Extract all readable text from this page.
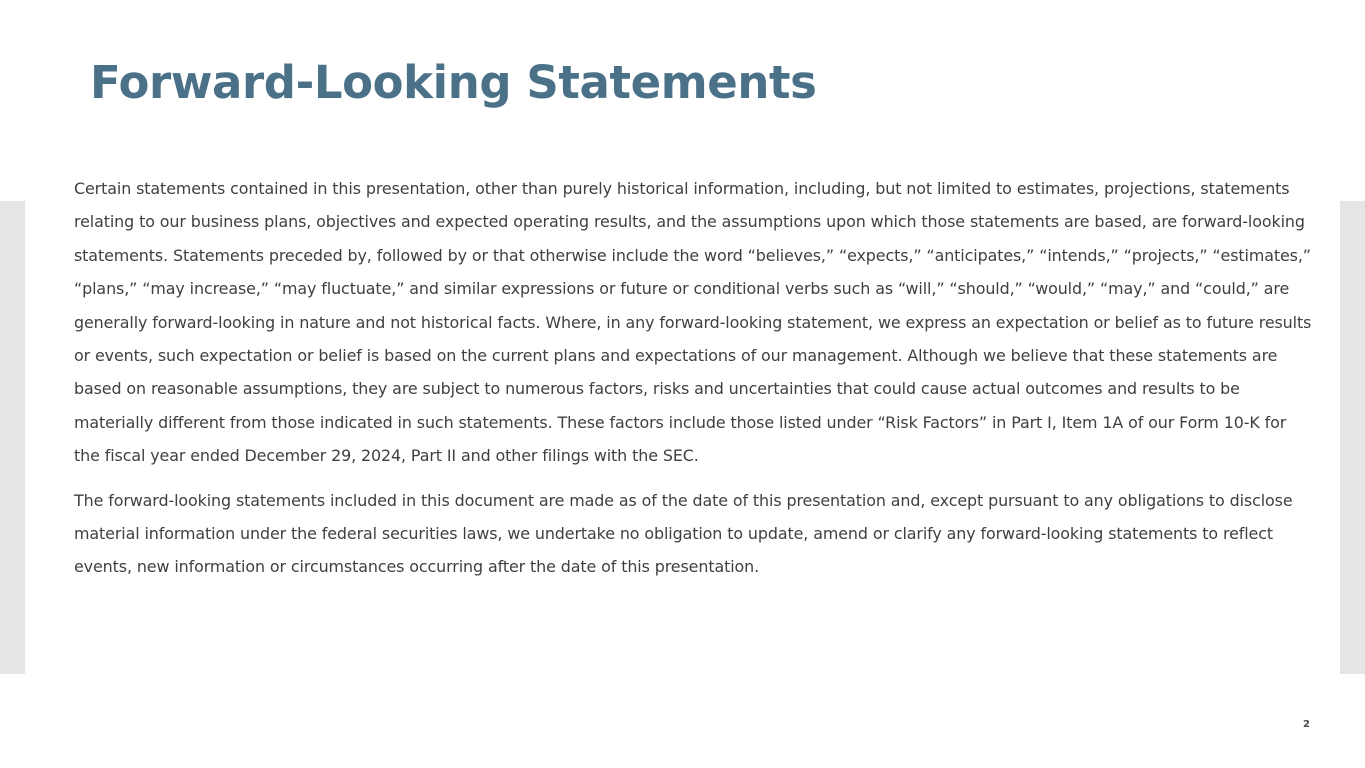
Forward-Looking Statements

Certain statements contained in this presentation, other than purely historical information, including, but not limited to estimates, projections, statements relating to our business plans, objectives and expected operating results, and the assumptions upon which those statements are based, are forward-looking statements. Statements preceded by, followed by or that otherwise include the word “believes,” “expects,” “anticipates,” “intends,” “projects,” “estimates,” “plans,” “may increase,” “may fluctuate,” and similar expressions or future or conditional verbs such as “will,” “should,” “would,” “may,” and “could,” are generally forward-looking in nature and not historical facts. Where, in any forward-looking statement, we express an expectation or belief as to future results or events, such expectation or belief is based on the current plans and expectations of our management. Although we believe that these statements are based on reasonable assumptions, they are subject to numerous factors, risks and uncertainties that could cause actual outcomes and results to be materially different from those indicated in such statements. These factors include those listed under “Risk Factors” in Part I, Item 1A of our Form 10-K for the fiscal year ended December 29, 2024, Part II and other filings with the SEC.

The forward-looking statements included in this document are made as of the date of this presentation and, except pursuant to any obligations to disclose material information under the federal securities laws, we undertake no obligation to update, amend or clarify any forward-looking statements to reflect events, new information or circumstances occurring after the date of this presentation.

2
